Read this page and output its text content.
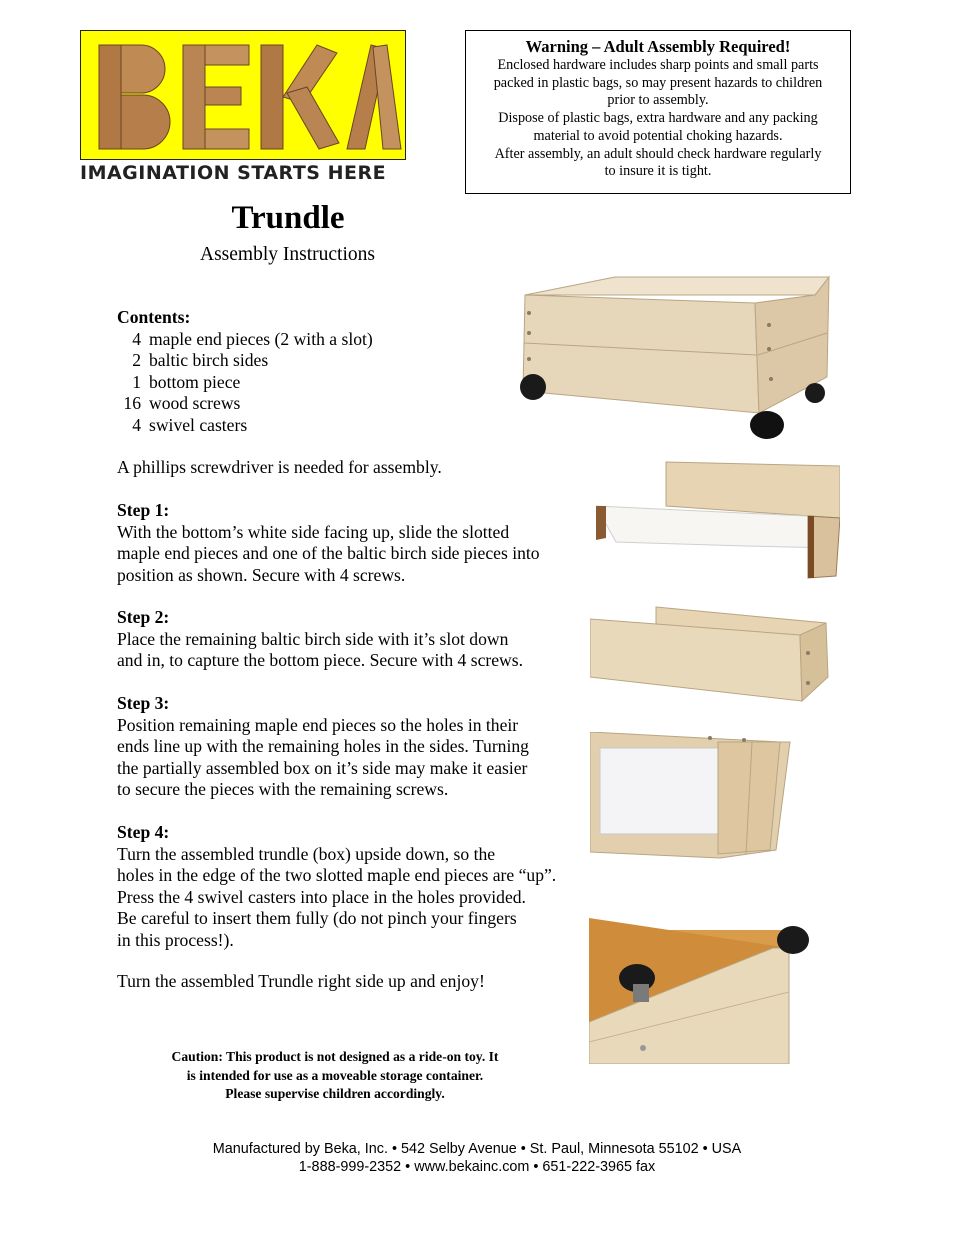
IMAGINATION STARTS HERE
Warning – Adult Assembly Required!
Enclosed hardware includes sharp points and small parts
packed in plastic bags, so may present hazards to children
prior to assembly.
Dispose of plastic bags, extra hardware and any packing
material to avoid potential choking hazards.
After assembly, an adult should check hardware regularly
to insure it is tight.
Trundle
Assembly Instructions
Contents:
4 maple end pieces (2 with a slot)
2 baltic birch sides
1 bottom piece
16 wood screws
4 swivel casters
A phillips screwdriver is needed for assembly.
Step 1:
With the bottom’s white side facing up, slide the slotted
maple end pieces and one of the baltic birch side pieces into
position as shown. Secure with 4 screws.
Step 2:
Place the remaining baltic birch side with it’s slot down
and in, to capture the bottom piece. Secure with 4 screws.
Step 3:
Position remaining maple end pieces so the holes in their
ends line up with the remaining holes in the sides. Turning
the partially assembled box on it’s side may make it easier
to secure the pieces with the remaining screws.
Step 4:
Turn the assembled trundle (box) upside down, so the
holes in the edge of the two slotted maple end pieces are “up”.
Press the 4 swivel casters into place in the holes provided.
Be careful to insert them fully (do not pinch your fingers
in this process!).
Turn the assembled Trundle right side up and enjoy!
Caution: This product is not designed as a ride-on toy. It
is intended for use as a moveable storage container.
Please supervise children accordingly.
Manufactured by Beka, Inc. • 542 Selby Avenue • St. Paul, Minnesota 55102 • USA
1-888-999-2352 • www.bekainc.com • 651-222-3965 fax
